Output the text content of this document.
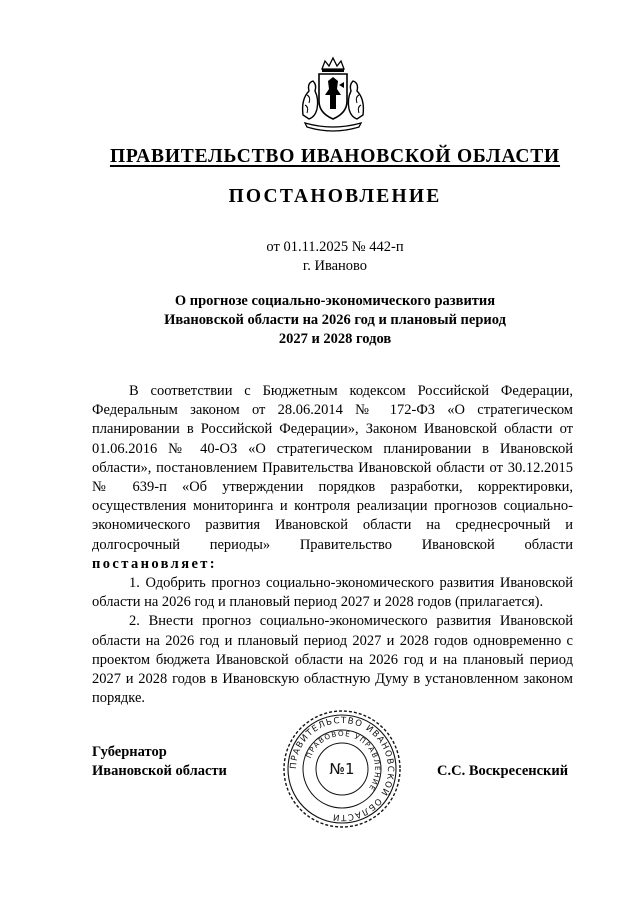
ПРАВИТЕЛЬСТВО ИВАНОВСКОЙ ОБЛАСТИ
ПОСТАНОВЛЕНИЕ
от 01.11.2025 № 442-п
г. Иваново
О прогнозе социально-экономического развития
Ивановской области на 2026 год и плановый период
2027 и 2028 годов

В соответствии с Бюджетным кодексом Российской Федерации, Федеральным законом от 28.06.2014 № 172-ФЗ «О стратегическом планировании в Российской Федерации», Законом Ивановской области от 01.06.2016 № 40-ОЗ «О стратегическом планировании в Ивановской области», постановлением Правительства Ивановской области от 30.12.2015 № 639-п «Об утверждении порядков разработки, корректировки, осуществления мониторинга и контроля реализации прогнозов социально-экономического развития Ивановской области на среднесрочный и долгосрочный периоды» Правительство Ивановской области постановляет:

1. Одобрить прогноз социально-экономического развития Ивановской области на 2026 год и плановый период 2027 и 2028 годов (прилагается).

2. Внести прогноз социально-экономического развития Ивановской области на 2026 год и плановый период 2027 и 2028 годов одновременно с проектом бюджета Ивановской области на 2026 год и на плановый период 2027 и 2028 годов в Ивановскую областную Думу в установленном законом порядке.

Губернатор
Ивановской области	С.С. Воскресенский
ПРАВИТЕЛЬСТВО ИВАНОВСКОЙ ОБЛАСТИ
ПРАВОВОЕ УПРАВЛЕНИЕ
№1
